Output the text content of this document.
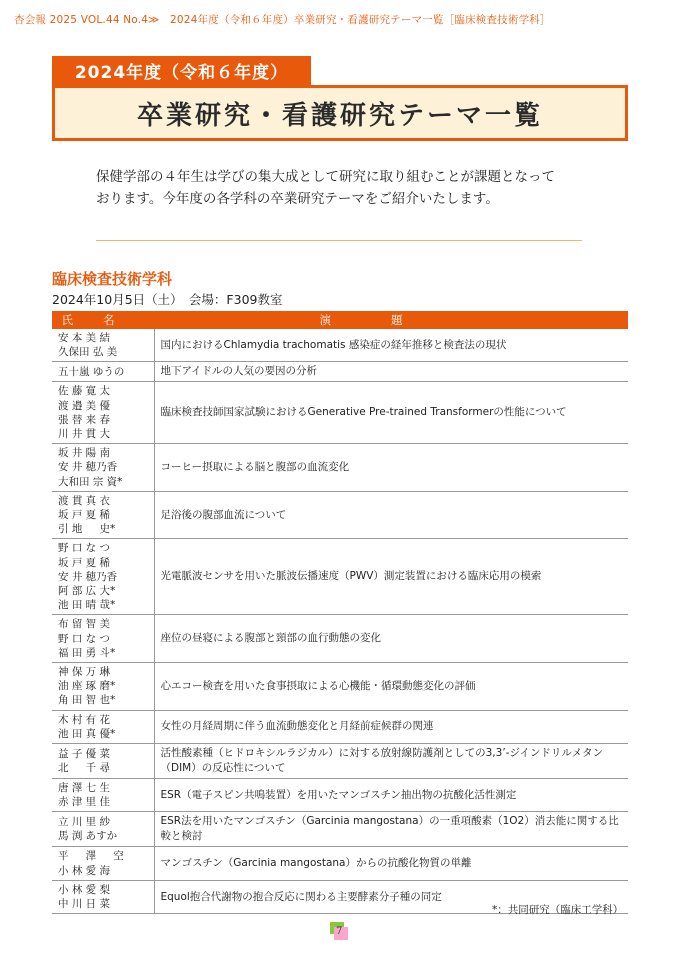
杏会報 2025 VOL.44 No.4≫　2024年度（令和６年度）卒業研究・看護研究テーマ一覧［臨床検査技術学科］
2024年度（令和６年度）
卒業研究・看護研究テーマ一覧

保健学部の４年生は学びの集大成として研究に取り組むことが課題となって

おります。今年度の各学科の卒業研究テーマをご紹介いたします。

臨床検査技術学科
2024年10月5日（土）　会場：F309教室
氏名	演題

安 本 美 結
久保田 弘 美	国内におけるChlamydia trachomatis 感染症の経年推移と検査法の現状

五十嵐 ゆうの	地下アイドルの人気の要因の分析

佐 藤 寛 太
渡 邉 美 優
張 替 来 春
川 井 貫 大	臨床検査技師国家試験におけるGenerative Pre-trained Transformerの性能について

坂 井 陽 南
安 井 穂乃香
大和田 宗 資*	コーヒー摂取による脳と腹部の血流変化

渡 貫 真 衣
坂 戸 夏 稀
引 地 　 史*	足浴後の腹部血流について

野 口 な つ
坂 戸 夏 稀
安 井 穂乃香
阿 部 広 大*
池 田 晴 哉*	光電脈波センサを用いた脈波伝播速度（PWV）測定装置における臨床応用の模索

布 留 智 美
野 口 な つ
福 田 勇 斗*	座位の昼寝による腹部と頸部の血行動態の変化

神 保 万 琳
油 座 琢 磨*
角 田 智 也*	心エコー検査を用いた食事摂取による心機能・循環動態変化の評価

木 村 有 花
池 田 真 優*	女性の月経周期に伴う血流動態変化と月経前症候群の関連

益 子 優 菜
北 　 千 尋	活性酸素種（ヒドロキシルラジカル）に対する放射線防護剤としての3,3’-ジインドリルメタン（DIM）の反応性について

唐 澤 七 生
赤 津 里 佳	ESR（電子スピン共鳴装置）を用いたマンゴスチン抽出物の抗酸化活性測定

立 川 里 紗
馬 渕 あすか	ESR法を用いたマンゴスチン（Garcinia mangostana）の一重項酸素（1O2）消去能に関する比較と検討

平 　 澤 　 空
小 林 愛 海	マンゴスチン（Garcinia mangostana）からの抗酸化物質の単離

小 林 愛 梨
中 川 日 菜	Equol抱合代謝物の抱合反応に関わる主要酵素分子種の同定
*：共同研究（臨床工学科）
7
